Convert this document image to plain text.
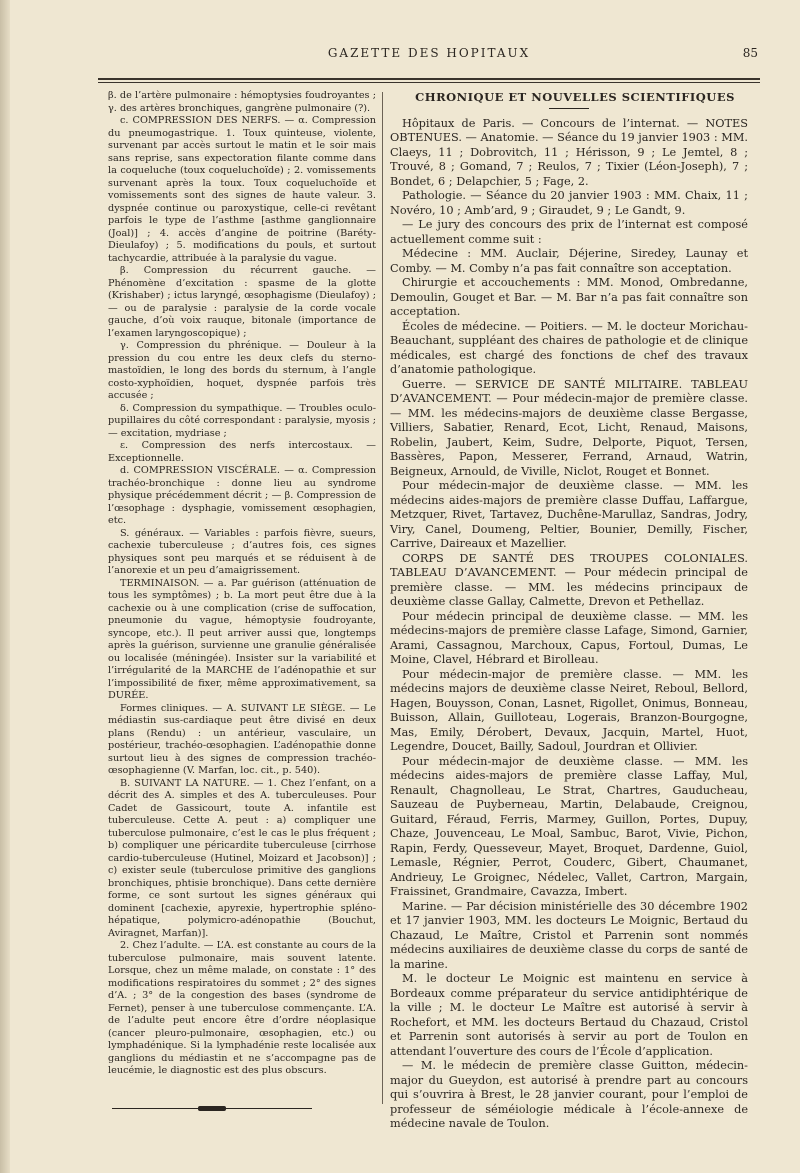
GAZETTE DES HOPITAUX	85

β. de l’artère pulmonaire : hémoptysies foudroyantes ; γ. des artères bronchiques, gangrène pulmonaire (?).

c. COMPRESSION DES NERFS. — α. Compression du pneumogastrique. 1. Toux quinteuse, violente, survenant par accès surtout le matin et le soir mais sans reprise, sans expectoration filante comme dans la coqueluche (toux coqueluchoïde) ; 2. vomissements survenant après la toux. Toux coqueluchoïde et vomissements sont des signes de haute valeur. 3. dyspnée continue ou paroxystique, celle-ci revêtant parfois le type de l’asthme [asthme ganglionnaire (Joal)] ; 4. accès d’angine de poitrine (Baréty-Dieulafoy) ; 5. modifications du pouls, et surtout tachycardie, attribuée à la paralysie du vague.

β. Compression du récurrent gauche. — Phénomène d’excitation : spasme de la glotte (Krishaber) ; ictus laryngé, œsophagisme (Dieulafoy) ; — ou de paralysie : paralysie de la corde vocale gauche, d’où voix rauque, bitonale (importance de l’examen laryngoscopique) ;

γ. Compression du phrénique. — Douleur à la pression du cou entre les deux clefs du sterno-mastoïdien, le long des bords du sternum, à l’angle costo-xyphoïdien, hoquet, dyspnée parfois très accusée ;

δ. Compression du sympathique. — Troubles oculo-pupillaires du côté correspondant : paralysie, myosis ; — excitation, mydriase ;

ε. Compression des nerfs intercostaux. — Exceptionnelle.

d. COMPRESSION VISCÉRALE. — α. Compression trachéo-bronchique : donne lieu au syndrome physique précédemment décrit ; — β. Compression de l’œsophage : dysphagie, vomissement œsophagien, etc.

S. généraux. — Variables : parfois fièvre, sueurs, cachexie tuberculeuse ; d’autres fois, ces signes physiques sont peu marqués et se réduisent à de l’anorexie et un peu d’amaigrissement.

TERMINAISON. — a. Par guérison (atténuation de tous les symptômes) ; b. La mort peut être due à la cachexie ou à une complication (crise de suffocation, pneumonie du vague, hémoptysie foudroyante, syncope, etc.). Il peut arriver aussi que, longtemps après la guérison, survienne une granulie généralisée ou localisée (méningée). Insister sur la variabilité et l’irrégularité de la MARCHE de l’adénopathie et sur l’impossibilité de fixer, même approximativement, sa DURÉE.

Formes cliniques. — A. SUIVANT LE SIÈGE. — Le médiastin sus-cardiaque peut être divisé en deux plans (Rendu) : un antérieur, vasculaire, un postérieur, trachéo-œsophagien. L’adénopathie donne surtout lieu à des signes de compression trachéo-œsophagienne (V. Marfan, loc. cit., p. 540).

B. SUIVANT LA NATURE. — 1. Chez l’enfant, on a décrit des A. simples et des A. tuberculeuses. Pour Cadet de Gassicourt, toute A. infantile est tuberculeuse. Cette A. peut : a) compliquer une tuberculose pulmonaire, c’est le cas le plus fréquent ; b) compliquer une péricardite tuberculeuse [cirrhose cardio-tuberculeuse (Hutinel, Moizard et Jacobson)] ; c) exister seule (tuberculose primitive des ganglions bronchiques, phtisie bronchique). Dans cette dernière forme, ce sont surtout les signes généraux qui dominent [cachexie, apyrexie, hypertrophie spléno-hépatique, polymicro-adénopathie (Bouchut, Aviragnet, Marfan)].

2. Chez l’adulte. — L’A. est constante au cours de la tuberculose pulmonaire, mais souvent latente. Lorsque, chez un même malade, on constate : 1° des modifications respiratoires du sommet ; 2° des signes d’A. ; 3° de la congestion des bases (syndrome de Fernet), penser à une tuberculose commençante. L’A. de l’adulte peut encore être d’ordre néoplasique (cancer pleuro-pulmonaire, œsophagien, etc.) ou lymphadénique. Si la lymphadénie reste localisée aux ganglions du médiastin et ne s’accompagne pas de leucémie, le diagnostic est des plus obscurs.

CHRONIQUE ET NOUVELLES SCIENTIFIQUES

Hôpitaux de Paris. — Concours de l’internat. — NOTES OBTENUES. — Anatomie. — Séance du 19 janvier 1903 : MM. Claeys, 11 ; Dobrovitch, 11 ; Hérisson, 9 ; Le Jemtel, 8 ; Trouvé, 8 ; Gomand, 7 ; Reulos, 7 ; Tixier (Léon-Joseph), 7 ; Bondet, 6 ; Delapchier, 5 ; Fage, 2.

Pathologie. — Séance du 20 janvier 1903 : MM. Chaix, 11 ; Novéro, 10 ; Amb’ard, 9 ; Giraudet, 9 ; Le Gandt, 9.

— Le jury des concours des prix de l’internat est composé actuellement comme suit :

Médecine : MM. Auclair, Déjerine, Siredey, Launay et Comby. — M. Comby n’a pas fait connaître son acceptation.

Chirurgie et accouchements : MM. Monod, Ombredanne, Demoulin, Gouget et Bar. — M. Bar n’a pas fait connaître son acceptation.

Écoles de médecine. — Poitiers. — M. le docteur Morichau-Beauchant, suppléant des chaires de pathologie et de clinique médicales, est chargé des fonctions de chef des travaux d’anatomie pathologique.

Guerre. — SERVICE DE SANTÉ MILITAIRE. TABLEAU D’AVANCEMENT. — Pour médecin-major de première classe. — MM. les médecins-majors de deuxième classe Bergasse, Villiers, Sabatier, Renard, Ecot, Licht, Renaud, Maisons, Robelin, Jaubert, Keim, Sudre, Delporte, Piquot, Tersen, Bassères, Papon, Messerer, Ferrand, Arnaud, Watrin, Beigneux, Arnould, de Viville, Niclot, Rouget et Bonnet.

Pour médecin-major de deuxième classe. — MM. les médecins aides-majors de première classe Duffau, Laffargue, Metzquer, Rivet, Tartavez, Duchêne-Marullaz, Sandras, Jodry, Viry, Canel, Doumeng, Peltier, Bounier, Demilly, Fischer, Carrive, Daireaux et Mazellier.

CORPS DE SANTÉ DES TROUPES COLONIALES. TABLEAU D’AVANCEMENT. — Pour médecin principal de première classe. — MM. les médecins principaux de deuxième classe Gallay, Calmette, Drevon et Pethellaz.

Pour médecin principal de deuxième classe. — MM. les médecins-majors de première classe Lafage, Simond, Garnier, Arami, Cassagnou, Marchoux, Capus, Fortoul, Dumas, Le Moine, Clavel, Hébrard et Birolleau.

Pour médecin-major de première classe. — MM. les médecins majors de deuxième classe Neiret, Reboul, Bellord, Hagen, Bouysson, Conan, Lasnet, Rigollet, Onimus, Bonneau, Buisson, Allain, Guilloteau, Logerais, Branzon-Bourgogne, Mas, Emily, Dérobert, Devaux, Jacquin, Martel, Huot, Legendre, Doucet, Bailly, Sadoul, Jourdran et Ollivier.

Pour médecin-major de deuxième classe. — MM. les médecins aides-majors de première classe Laffay, Mul, Renault, Chagnolleau, Le Strat, Chartres, Gauducheau, Sauzeau de Puyberneau, Martin, Delabaude, Creignou, Guitard, Féraud, Ferris, Marmey, Guillon, Portes, Dupuy, Chaze, Jouvenceau, Le Moal, Sambuc, Barot, Vivie, Pichon, Rapin, Ferdy, Quesseveur, Mayet, Broquet, Dardenne, Guiol, Lemasle, Régnier, Perrot, Couderc, Gibert, Chaumanet, Andrieuy, Le Groignec, Nédelec, Vallet, Cartron, Margain, Fraissinet, Grandmaire, Cavazza, Imbert.

Marine. — Par décision ministérielle des 30 décembre 1902 et 17 janvier 1903, MM. les docteurs Le Moignic, Bertaud du Chazaud, Le Maître, Cristol et Parrenin sont nommés médecins auxiliaires de deuxième classe du corps de santé de la marine.

M. le docteur Le Moignic est maintenu en service à Bordeaux comme préparateur du service antidiphtérique de la ville ; M. le docteur Le Maître est autorisé à servir à Rochefort, et MM. les docteurs Bertaud du Chazaud, Cristol et Parrenin sont autorisés à servir au port de Toulon en attendant l’ouverture des cours de l’École d’application.

— M. le médecin de première classe Guitton, médecin-major du Gueydon, est autorisé à prendre part au concours qui s’ouvrira à Brest, le 28 janvier courant, pour l’emploi de professeur de séméiologie médicale à l’école-annexe de médecine navale de Toulon.
